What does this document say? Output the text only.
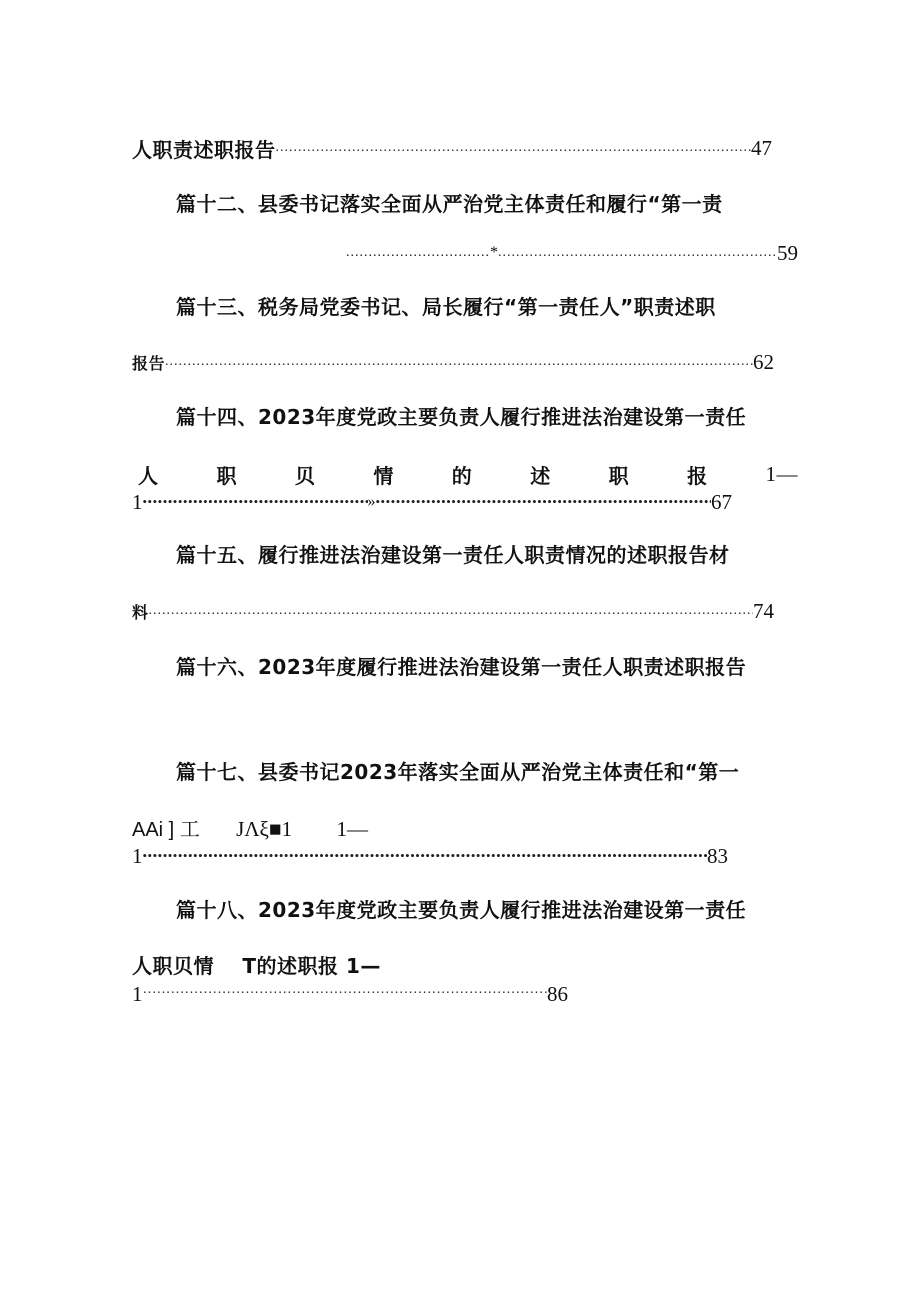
人职责述职报告 .....	47
篇十二、县委书记落实全面从严治党主体责任和履行“第一责
................................ * .....	59
篇十三、税务局党委书记、局长履行“第一责任人”职责述职
报告 .....	62
篇十四、2023年度党政主要负责人履行推进法治建设第一责任
人	职	贝	情	的	述	职	报	1—
1 •••••	» •••••	67
篇十五、履行推进法治建设第一责任人职责情况的述职报告材
料 .....	74
篇十六、2023年度履行推进法治建设第一责任人职责述职报告
篇十七、县委书记2023年落实全面从严治党主体责任和“第一
AAi ] 工 JΛξ■1 1—
1 •••••	83
篇十八、2023年度党政主要负责人履行推进法治建设第一责任
人职贝情 T的述职报 1—
1 ·····	86
